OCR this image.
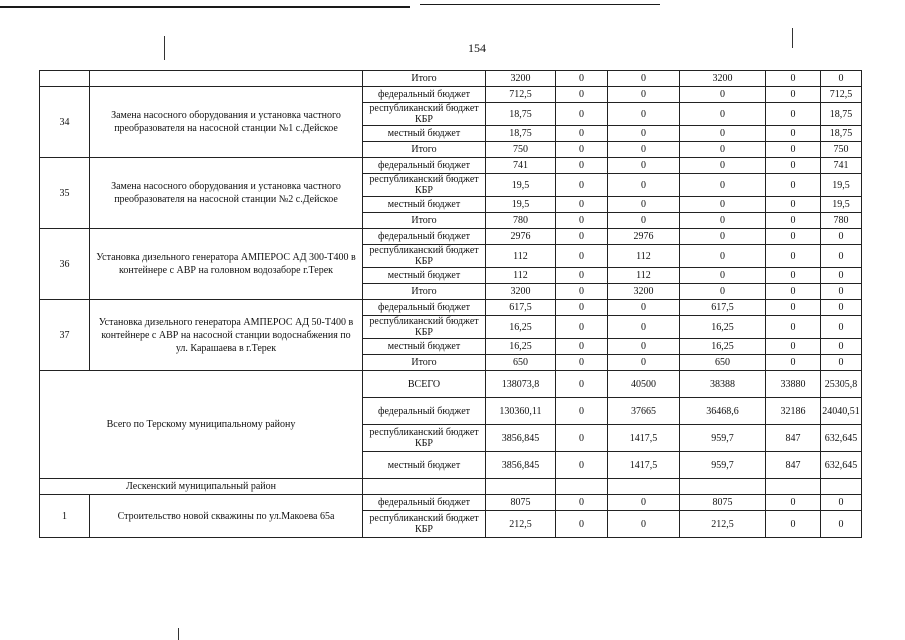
154
		Итого	3200	0	0	3200	0	0
34	Замена насосного оборудования и установка частного преобразователя на насосной станции №1 с.Дейское	федеральный бюджет	712,5	0	0	0	0	712,5
		республиканский бюджет КБР	18,75	0	0	0	0	18,75
		местный бюджет	18,75	0	0	0	0	18,75
		Итого	750	0	0	0	0	750
35	Замена насосного оборудования и установка частного преобразователя на насосной станции №2 с.Дейское	федеральный бюджет	741	0	0	0	0	741
		республиканский бюджет КБР	19,5	0	0	0	0	19,5
		местный бюджет	19,5	0	0	0	0	19,5
		Итого	780	0	0	0	0	780
36	Установка дизельного генератора АМПЕРОС АД 300-Т400 в контейнере с АВР на головном водозаборе г.Терек	федеральный бюджет	2976	0	2976	0	0	0
		республиканский бюджет КБР	112	0	112	0	0	0
		местный бюджет	112	0	112	0	0	0
		Итого	3200	0	3200	0	0	0
37	Установка дизельного генератора АМПЕРОС АД 50-Т400 в контейнере с АВР на насосной станции водоснабжения по ул. Карашаева в г.Терек	федеральный бюджет	617,5	0	0	617,5	0	0
		республиканский бюджет КБР	16,25	0	0	16,25	0	0
		местный бюджет	16,25	0	0	16,25	0	0
		Итого	650	0	0	650	0	0
Всего по Терскому муниципальному району		ВСЕГО	138073,8	0	40500	38388	33880	25305,8
		федеральный бюджет	130360,11	0	37665	36468,6	32186	24040,51
		республиканский бюджет КБР	3856,845	0	1417,5	959,7	847	632,645
		местный бюджет	3856,845	0	1417,5	959,7	847	632,645
Лескенский муниципальный район								
1	Строительство новой скважины по ул.Макоева 65а	федеральный бюджет	8075	0	0	8075	0	0
		республиканский бюджет КБР	212,5	0	0	212,5	0	0
